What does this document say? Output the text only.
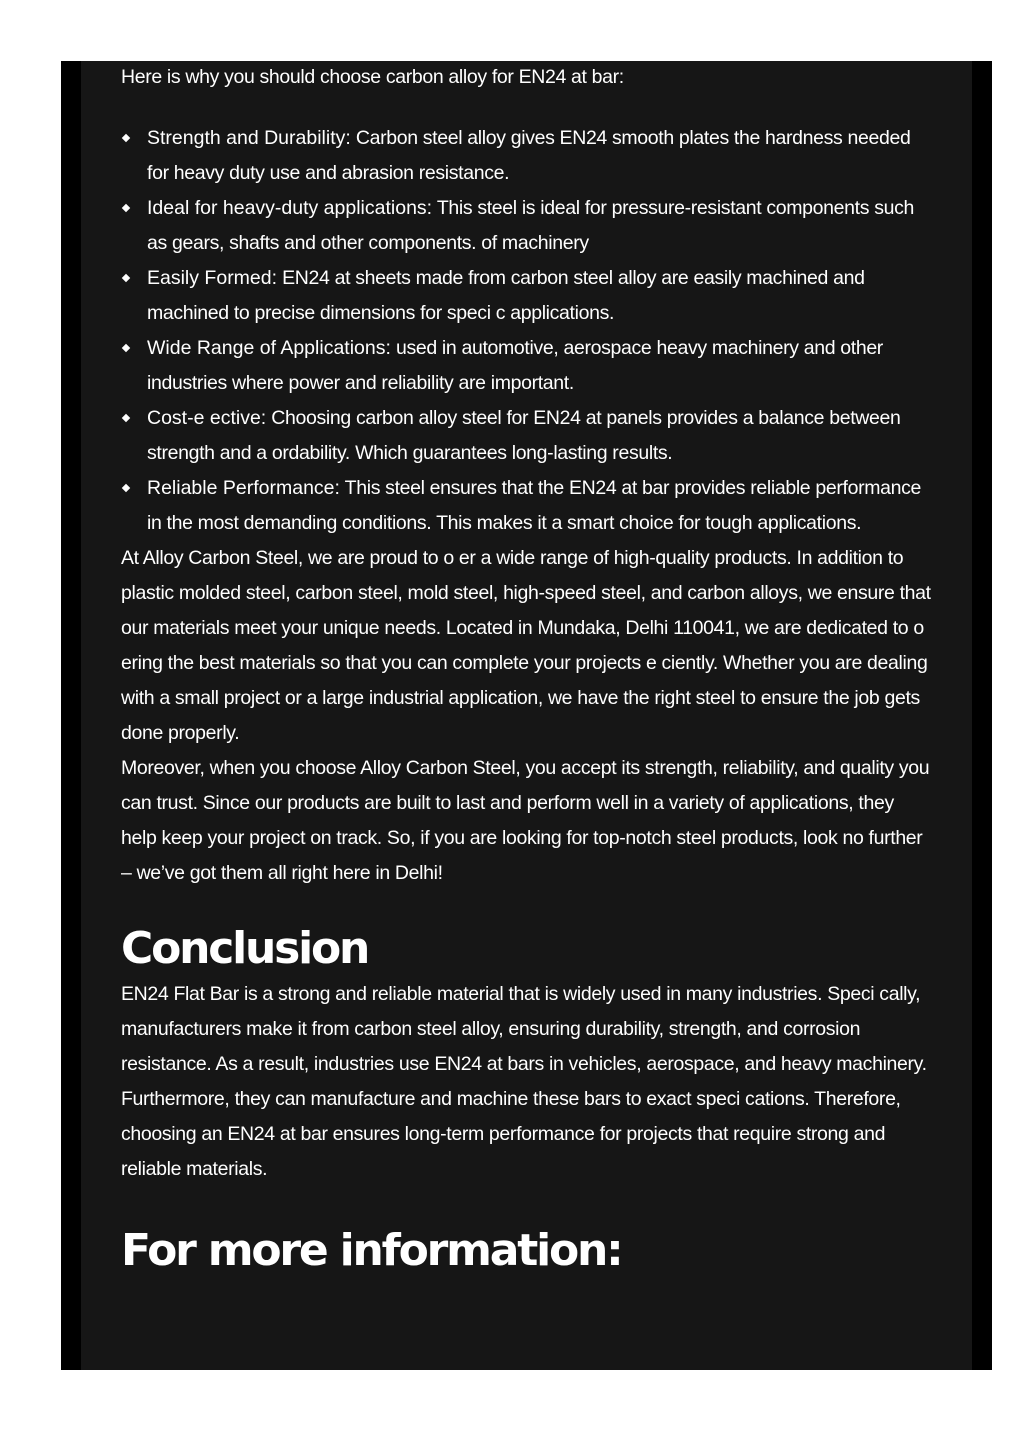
Here is why you should choose carbon alloy for EN24 at bar:

Strength and Durability: Carbon steel alloy gives EN24 smooth plates the hardness needed for heavy duty use and abrasion resistance.
Ideal for heavy-duty applications: This steel is ideal for pressure-resistant components such as gears, shafts and other components. of machinery
Easily Formed: EN24 at sheets made from carbon steel alloy are easily machined and machined to precise dimensions for speci c applications.
Wide Range of Applications: used in automotive, aerospace heavy machinery and other industries where power and reliability are important.
Cost-e ective: Choosing carbon alloy steel for EN24 at panels provides a balance between strength and a ordability. Which guarantees long-lasting results.
Reliable Performance: This steel ensures that the EN24 at bar provides reliable performance in the most demanding conditions. This makes it a smart choice for tough applications.

At Alloy Carbon Steel, we are proud to o er a wide range of high-quality products. In addition to plastic molded steel, carbon steel, mold steel, high-speed steel, and carbon alloys, we ensure that our materials meet your unique needs. Located in Mundaka, Delhi 110041, we are dedicated to o ering the best materials so that you can complete your projects e ciently. Whether you are dealing with a small project or a large industrial application, we have the right steel to ensure the job gets done properly.

Moreover, when you choose Alloy Carbon Steel, you accept its strength, reliability, and quality you can trust. Since our products are built to last and perform well in a variety of applications, they help keep your project on track. So, if you are looking for top-notch steel products, look no further – we’ve got them all right here in Delhi!

Conclusion

EN24 Flat Bar is a strong and reliable material that is widely used in many industries. Speci cally, manufacturers make it from carbon steel alloy, ensuring durability, strength, and corrosion resistance. As a result, industries use EN24 at bars in vehicles, aerospace, and heavy machinery. Furthermore, they can manufacture and machine these bars to exact speci cations. Therefore, choosing an EN24 at bar ensures long-term performance for projects that require strong and reliable materials.

For more information:
